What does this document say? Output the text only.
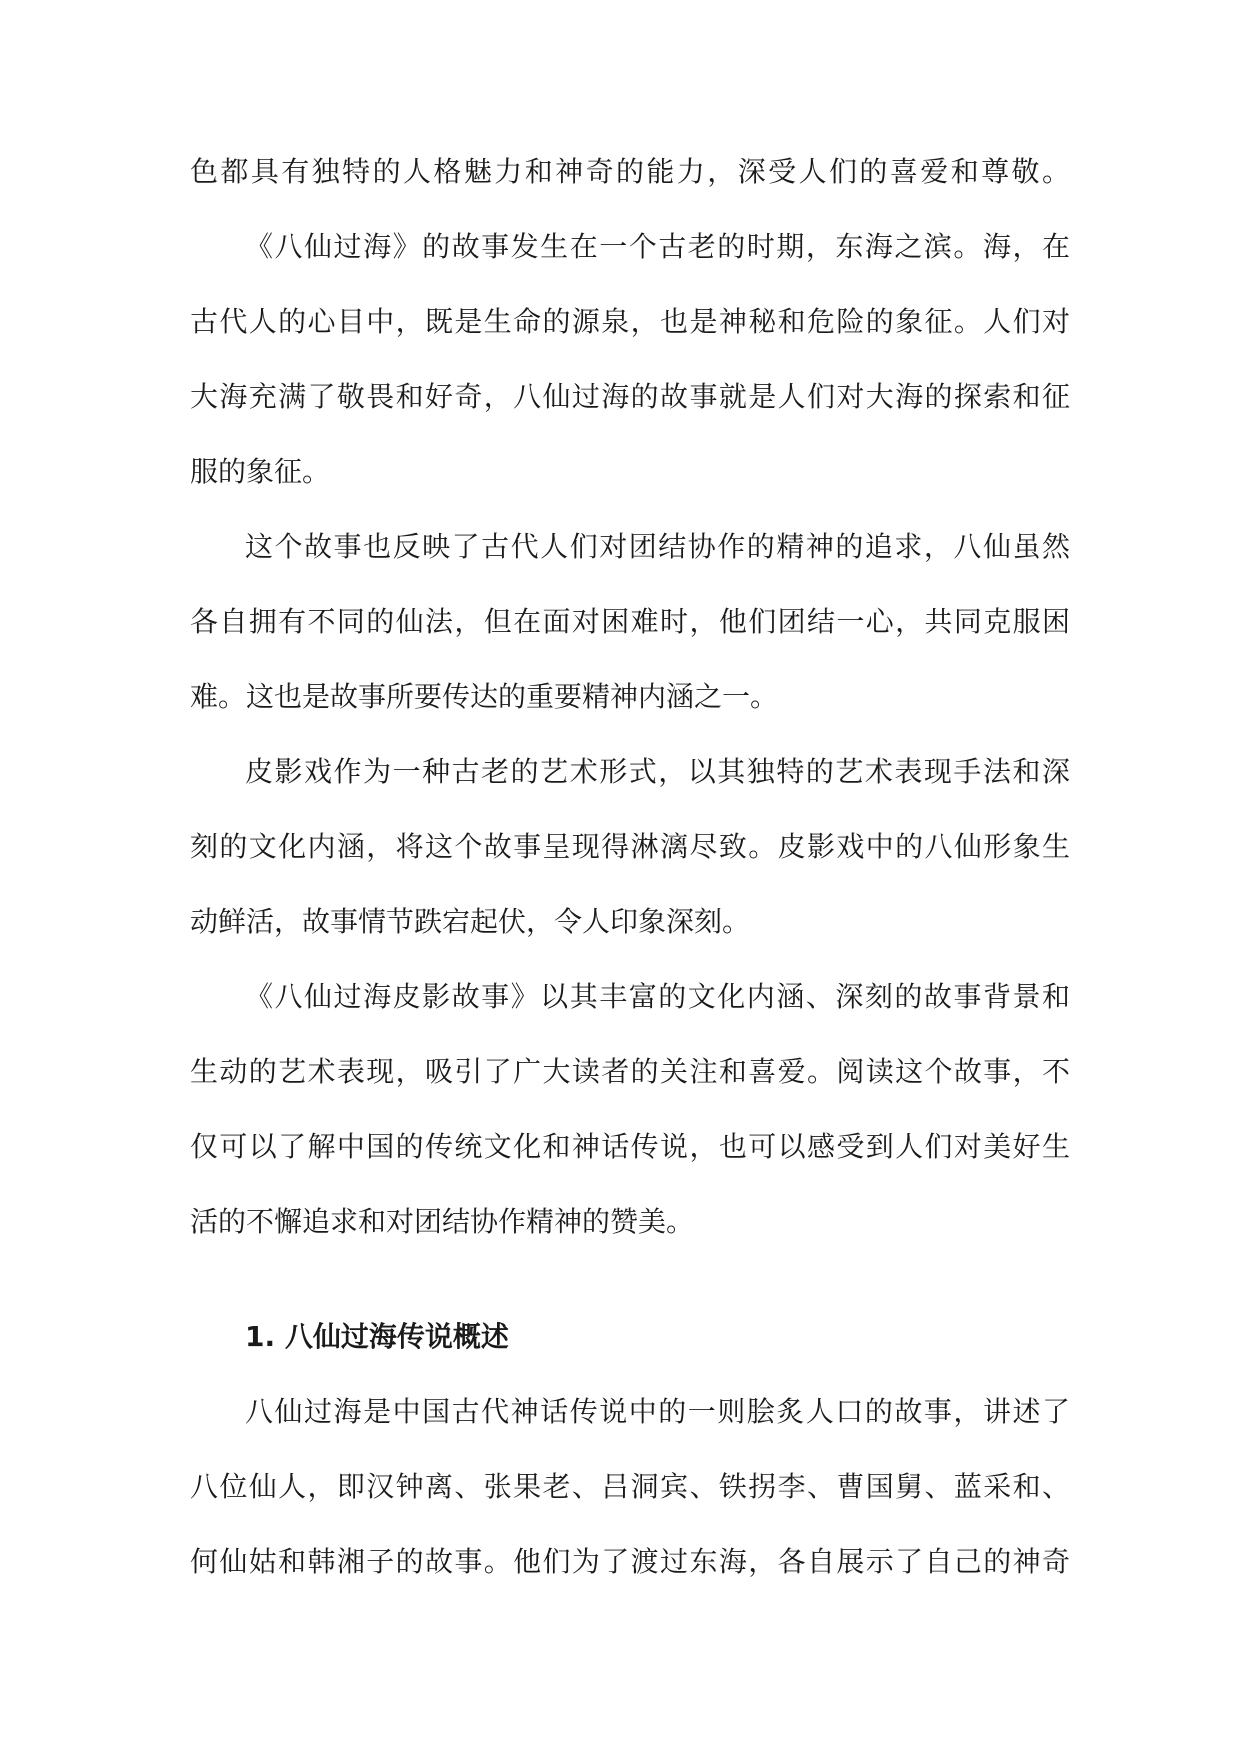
色都具有独特的人格魅力和神奇的能力，深受人们的喜爱和尊敬。
《八仙过海》的故事发生在一个古老的时期，东海之滨。海，在
古代人的心目中，既是生命的源泉，也是神秘和危险的象征。人们对
大海充满了敬畏和好奇，八仙过海的故事就是人们对大海的探索和征
服的象征。
这个故事也反映了古代人们对团结协作的精神的追求，八仙虽然
各自拥有不同的仙法，但在面对困难时，他们团结一心，共同克服困
难。这也是故事所要传达的重要精神内涵之一。
皮影戏作为一种古老的艺术形式，以其独特的艺术表现手法和深
刻的文化内涵，将这个故事呈现得淋漓尽致。皮影戏中的八仙形象生
动鲜活，故事情节跌宕起伏，令人印象深刻。
《八仙过海皮影故事》以其丰富的文化内涵、深刻的故事背景和
生动的艺术表现，吸引了广大读者的关注和喜爱。阅读这个故事，不
仅可以了解中国的传统文化和神话传说，也可以感受到人们对美好生
活的不懈追求和对团结协作精神的赞美。
1. 八仙过海传说概述
八仙过海是中国古代神话传说中的一则脍炙人口的故事，讲述了
八位仙人，即汉钟离、张果老、吕洞宾、铁拐李、曹国舅、蓝采和、
何仙姑和韩湘子的故事。他们为了渡过东海，各自展示了自己的神奇
